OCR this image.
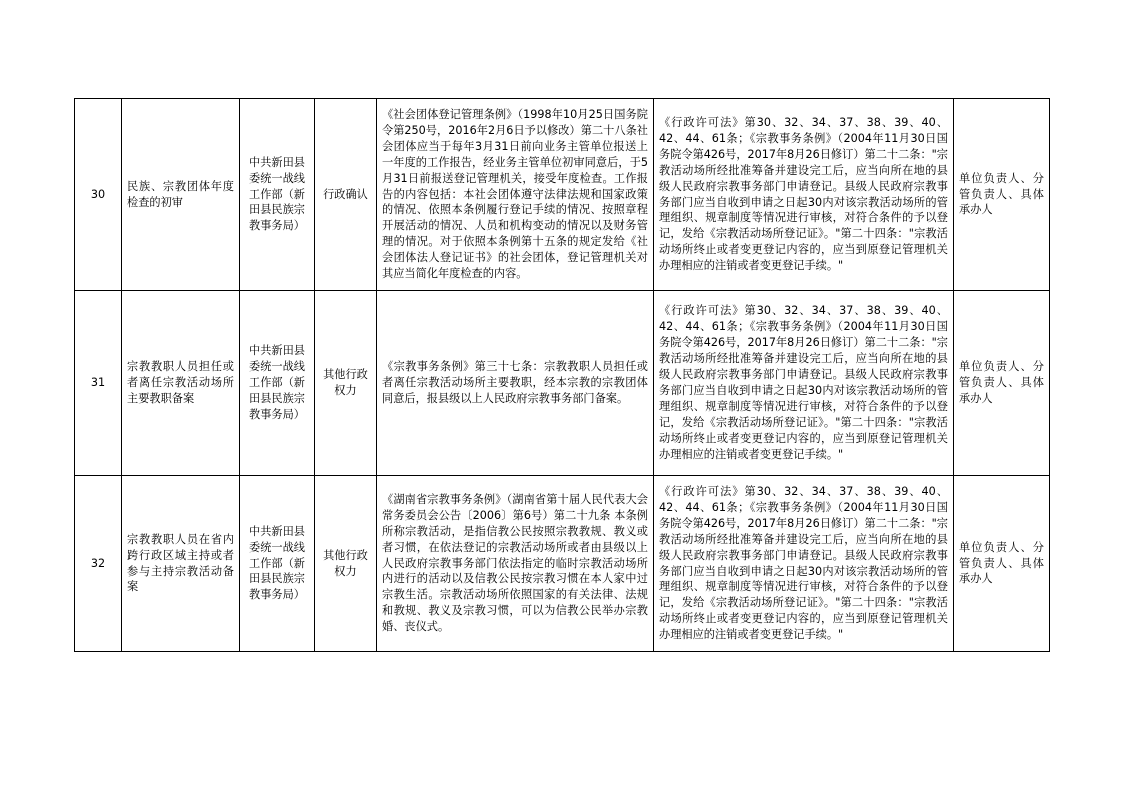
30	民族、宗教团体年度检查的初审	中共新田县委统一战线工作部（新田县民族宗教事务局）	行政确认	《社会团体登记管理条例》（1998年10月25日国务院令第250号，2016年2月6日予以修改）第二十八条社会团体应当于每年3月31日前向业务主管单位报送上一年度的工作报告，经业务主管单位初审同意后，于5月31日前报送登记管理机关，接受年度检查。工作报告的内容包括：本社会团体遵守法律法规和国家政策的情况、依照本条例履行登记手续的情况、按照章程开展活动的情况、人员和机构变动的情况以及财务管理的情况。对于依照本条例第十五条的规定发给《社会团体法人登记证书》的社会团体，登记管理机关对其应当简化年度检查的内容。	《行政许可法》第30、32、34、37、38、39、40、42、44、61条；《宗教事务条例》（2004年11月30日国务院令第426号，2017年8月26日修订）第二十二条："宗教活动场所经批准筹备并建设完工后，应当向所在地的县级人民政府宗教事务部门申请登记。县级人民政府宗教事务部门应当自收到申请之日起30内对该宗教活动场所的管理组织、规章制度等情况进行审核，对符合条件的予以登记，发给《宗教活动场所登记证》。"第二十四条："宗教活动场所终止或者变更登记内容的，应当到原登记管理机关办理相应的注销或者变更登记手续。"	单位负责人、分管负责人、具体承办人
31	宗教教职人员担任或者离任宗教活动场所主要教职备案	中共新田县委统一战线工作部（新田县民族宗教事务局）	其他行政权力	《宗教事务条例》第三十七条：宗教教职人员担任或者离任宗教活动场所主要教职，经本宗教的宗教团体同意后，报县级以上人民政府宗教事务部门备案。	《行政许可法》第30、32、34、37、38、39、40、42、44、61条；《宗教事务条例》（2004年11月30日国务院令第426号，2017年8月26日修订）第二十二条："宗教活动场所经批准筹备并建设完工后，应当向所在地的县级人民政府宗教事务部门申请登记。县级人民政府宗教事务部门应当自收到申请之日起30内对该宗教活动场所的管理组织、规章制度等情况进行审核，对符合条件的予以登记，发给《宗教活动场所登记证》。"第二十四条："宗教活动场所终止或者变更登记内容的，应当到原登记管理机关办理相应的注销或者变更登记手续。"	单位负责人、分管负责人、具体承办人
32	宗教教职人员在省内跨行政区域主持或者参与主持宗教活动备案	中共新田县委统一战线工作部（新田县民族宗教事务局）	其他行政权力	《湖南省宗教事务条例》（湖南省第十届人民代表大会常务委员会公告〔2006〕第6号）第二十九条 本条例所称宗教活动，是指信教公民按照宗教教规、教义或者习惯，在依法登记的宗教活动场所或者由县级以上人民政府宗教事务部门依法指定的临时宗教活动场所内进行的活动以及信教公民按宗教习惯在本人家中过宗教生活。宗教活动场所依照国家的有关法律、法规和教规、教义及宗教习惯，可以为信教公民举办宗教婚、丧仪式。	《行政许可法》第30、32、34、37、38、39、40、42、44、61条；《宗教事务条例》（2004年11月30日国务院令第426号，2017年8月26日修订）第二十二条："宗教活动场所经批准筹备并建设完工后，应当向所在地的县级人民政府宗教事务部门申请登记。县级人民政府宗教事务部门应当自收到申请之日起30内对该宗教活动场所的管理组织、规章制度等情况进行审核，对符合条件的予以登记，发给《宗教活动场所登记证》。"第二十四条："宗教活动场所终止或者变更登记内容的，应当到原登记管理机关办理相应的注销或者变更登记手续。"	单位负责人、分管负责人、具体承办人
